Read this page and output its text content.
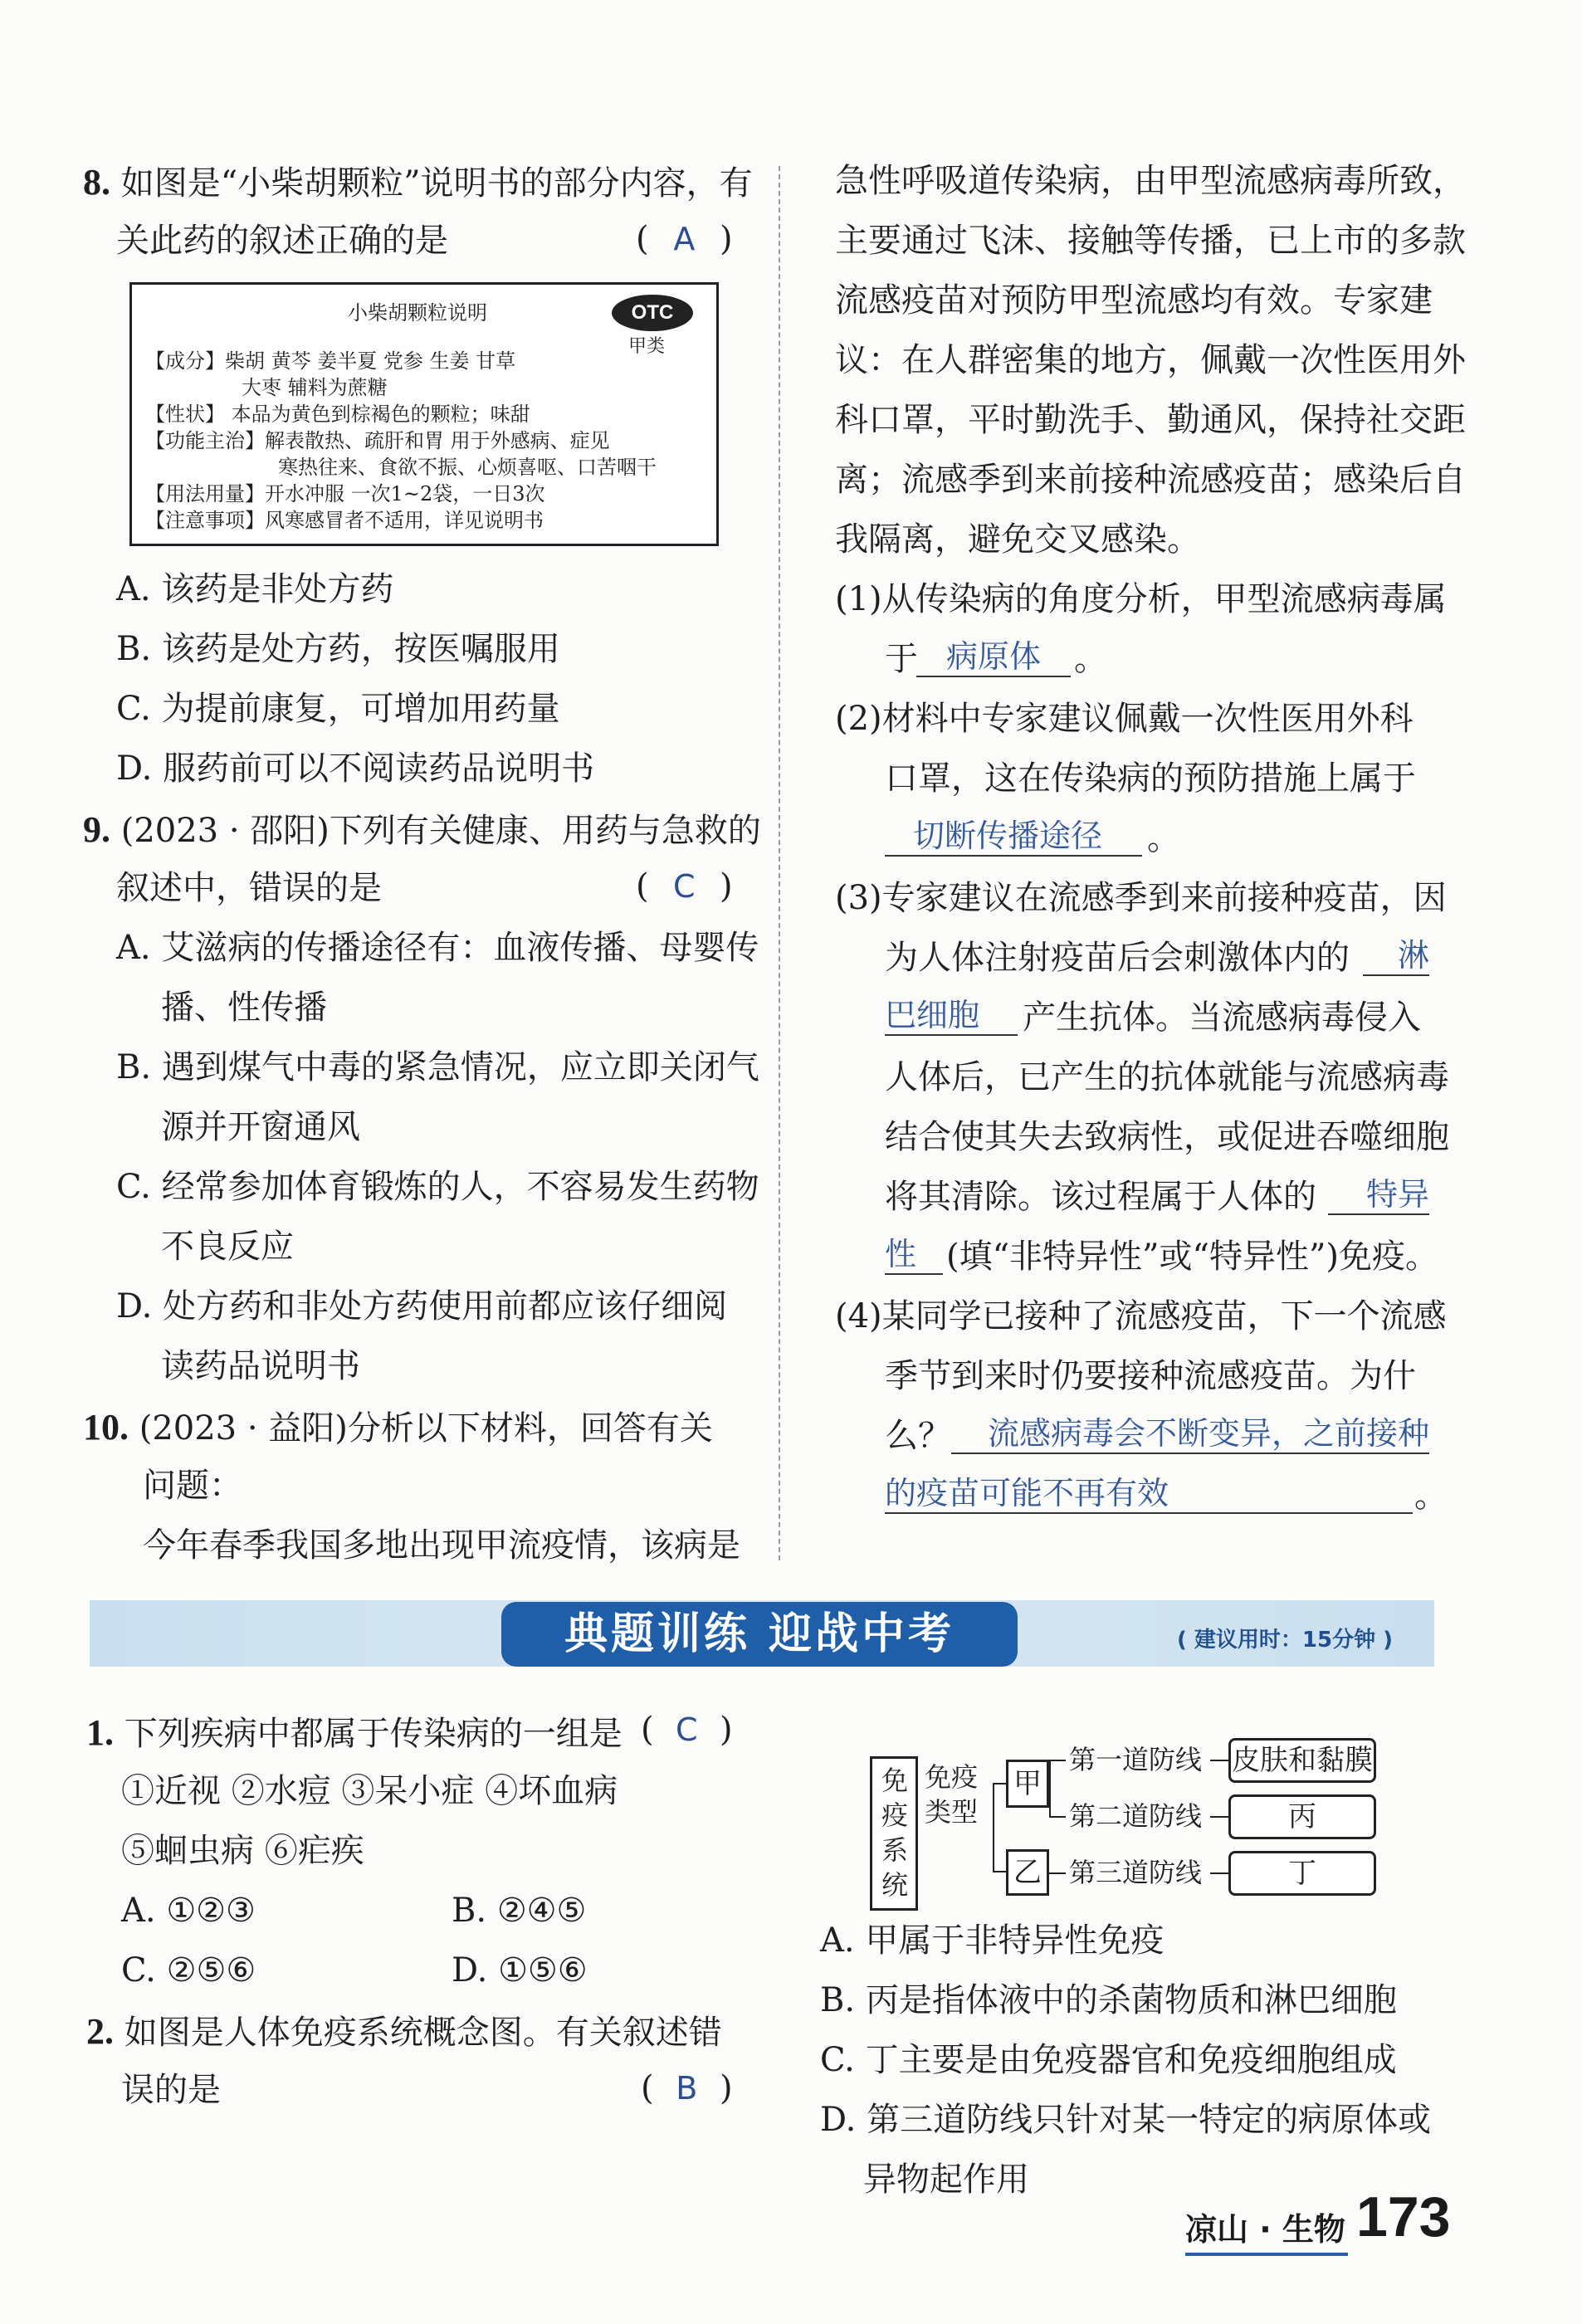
8. 如图是“小柴胡颗粒”说明书的部分内容，有
关此药的叙述正确的是	( A )
小柴胡颗粒说明	OTC
甲类
【成分】柴胡 黄芩 姜半夏 党参 生姜 甘草
大枣 辅料为蔗糖
【性状】 本品为黄色到棕褐色的颗粒；味甜
【功能主治】解表散热、疏肝和胃 用于外感病、症见
寒热往来、食欲不振、心烦喜呕、口苦咽干
【用法用量】开水冲服 一次1~2袋，一日3次
【注意事项】风寒感冒者不适用，详见说明书
A. 该药是非处方药
B. 该药是处方药，按医嘱服用
C. 为提前康复，可增加用药量
D. 服药前可以不阅读药品说明书
9. (2023 · 邵阳)下列有关健康、用药与急救的
叙述中，错误的是	( C )
A. 艾滋病的传播途径有：血液传播、母婴传
播、性传播
B. 遇到煤气中毒的紧急情况，应立即关闭气
源并开窗通风
C. 经常参加体育锻炼的人，不容易发生药物
不良反应
D. 处方药和非处方药使用前都应该仔细阅
读药品说明书
10. (2023 · 益阳)分析以下材料，回答有关
问题：
今年春季我国多地出现甲流疫情，该病是
急性呼吸道传染病，由甲型流感病毒所致，
主要通过飞沫、接触等传播，已上市的多款
流感疫苗对预防甲型流感均有效。专家建
议：在人群密集的地方，佩戴一次性医用外
科口罩，平时勤洗手、勤通风，保持社交距
离；流感季到来前接种流感疫苗；感染后自
我隔离，避免交叉感染。
(1)从传染病的角度分析，甲型流感病毒属
于 病原体	。
(2)材料中专家建议佩戴一次性医用外科
口罩，这在传染病的预防措施上属于
切断传播途径	。
(3)专家建议在流感季到来前接种疫苗，因
为人体注射疫苗后会刺激体内的	淋
巴细胞	产生抗体。当流感病毒侵入
人体后，已产生的抗体就能与流感病毒
结合使其失去致病性，或促进吞噬细胞
将其清除。该过程属于人体的	特异
性 (填“非特异性”或“特异性”)免疫。
(4)某同学已接种了流感疫苗，下一个流感
季节到来时仍要接种流感疫苗。为什
么？	流感病毒会不断变异，之前接种
的疫苗可能不再有效	。
典题训练 迎战中考	( 建议用时：15分钟 )
1. 下列疾病中都属于传染病的一组是 ( C )
①近视 ②水痘 ③呆小症 ④坏血病
⑤蛔虫病 ⑥疟疾
A. ①②③	B. ②④⑤
C. ②⑤⑥	D. ①⑤⑥
2. 如图是人体免疫系统概念图。有关叙述错
误的是	( B )
免疫系统
免疫类型
甲
乙
第一道防线
第二道防线
第三道防线
皮肤和黏膜
丙
丁
A. 甲属于非特异性免疫
B. 丙是指体液中的杀菌物质和淋巴细胞
C. 丁主要是由免疫器官和免疫细胞组成
D. 第三道防线只针对某一特定的病原体或
异物起作用
凉山 · 生物 173
